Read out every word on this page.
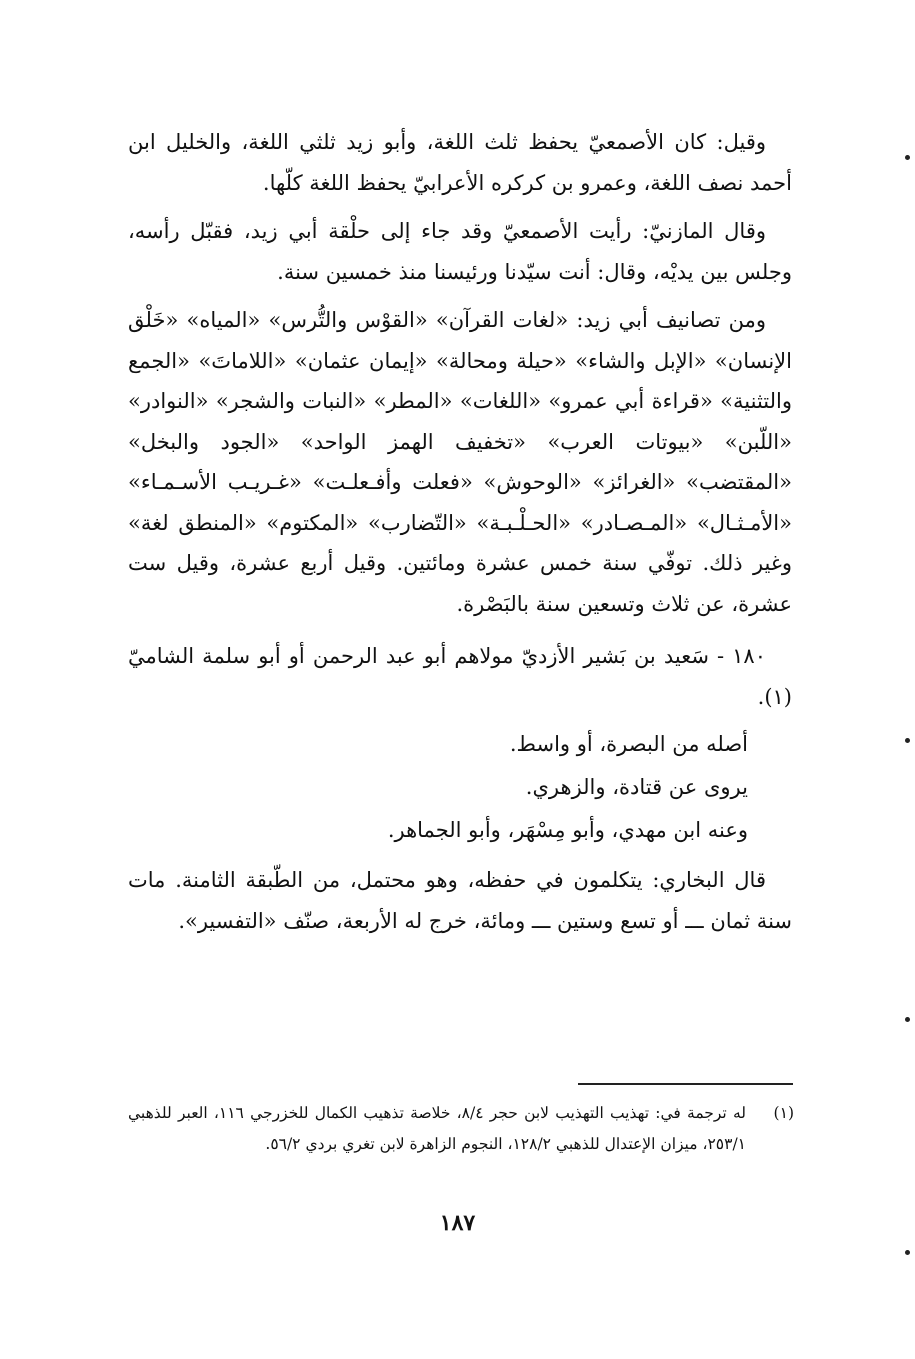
وقيل: كان الأصمعيّ يحفظ ثلث اللغة، وأبو زيد ثلثي اللغة، والخليل ابن أحمد نصف اللغة، وعمرو بن كركره الأعرابيّ يحفظ اللغة كلّها.

وقال المازنيّ: رأيت الأصمعيّ وقد جاء إلى حلْقة أبي زيد، فقبّل رأسه، وجلس بين يديْه، وقال: أنت سيّدنا ورئيسنا منذ خمسين سنة.

ومن تصانيف أبي زيد: «لغات القرآن» «القوْس والتُّرس» «المياه» «خَلْق الإنسان» «الإبل والشاء» «حيلة ومحالة» «إيمان عثمان» «اللاماتَ» «الجمع والتثنية» «قراءة أبي عمرو» «اللغات» «المطر» «النبات والشجر» «النوادر» «اللّبن» «بيوتات العرب» «تخفيف الهمز الواحد» «الجود والبخل» «المقتضب» «الغرائز» «الوحوش» «فعلت وأفـعلـت» «غـريـب الأسـمـاء» «الأمـثـال» «المـصـادر» «الحـلْـبـة» «التّضارب» «المكتوم» «المنطق لغة» وغير ذلك. توفّي سنة خمس عشرة ومائتين. وقيل أربع عشرة، وقيل ست عشرة، عن ثلاث وتسعين سنة بالبَصْرة.

١٨٠ - سَعيد بن بَشير الأزديّ مولاهم أبو عبد الرحمن أو أبو سلمة الشاميّ (١).

أصله من البصرة، أو واسط.

يروى عن قتادة، والزهري.

وعنه ابن مهدي، وأبو مِسْهَر، وأبو الجماهر.

قال البخاري: يتكلمون في حفظه، وهو محتمل، من الطّبقة الثامنة. مات سنة ثمان ـــ أو تسع وستين ـــ ومائة، خرج له الأربعة، صنّف «التفسير».

(١)
له ترجمة في: تهذيب التهذيب لابن حجر ٨/٤، خلاصة تذهيب الكمال للخزرجي ١١٦، العبر للذهبي ٢٥٣/١، ميزان الإعتدال للذهبي ١٢٨/٢، النجوم الزاهرة لابن تغري بردي ٥٦/٢.
١٨٧
